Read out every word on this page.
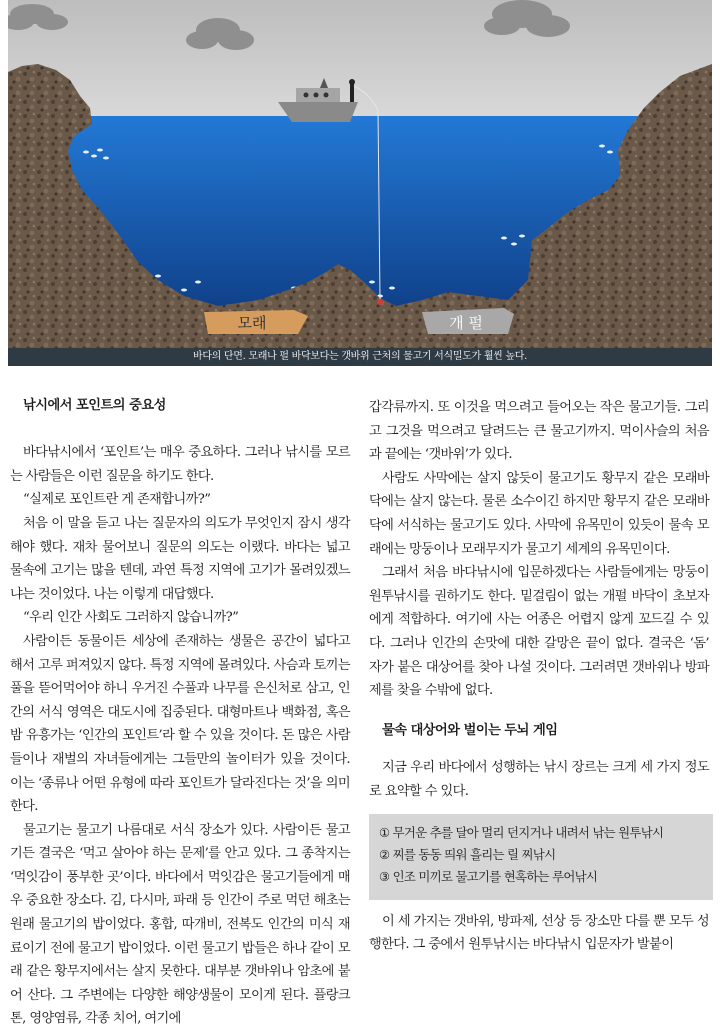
모래	개 펄
바다의 단면. 모래나 펄 바닥보다는 갯바위 근처의 물고기 서식밀도가 훨씬 높다.
낚시에서 포인트의 중요성

바다낚시에서 ‘포인트’는 매우 중요하다. 그러나 낚시를 모르는 사람들은 이런 질문을 하기도 한다.

“실제로 포인트란 게 존재합니까?”

처음 이 말을 듣고 나는 질문자의 의도가 무엇인지 잠시 생각해야 했다. 재차 물어보니 질문의 의도는 이랬다. 바다는 넓고 물속에 고기는 많을 텐데, 과연 특정 지역에 고기가 몰려있겠느냐는 것이었다. 나는 이렇게 대답했다.

“우리 인간 사회도 그러하지 않습니까?”

사람이든 동물이든 세상에 존재하는 생물은 공간이 넓다고 해서 고루 퍼져있지 않다. 특정 지역에 몰려있다. 사슴과 토끼는 풀을 뜯어먹어야 하니 우거진 수풀과 나무를 은신처로 삼고, 인간의 서식 영역은 대도시에 집중된다. 대형마트나 백화점, 혹은 밤 유흥가는 ‘인간의 포인트’라 할 수 있을 것이다. 돈 많은 사람들이나 재벌의 자녀들에게는 그들만의 놀이터가 있을 것이다. 이는 ‘종류나 어떤 유형에 따라 포인트가 달라진다는 것’을 의미한다.

물고기는 물고기 나름대로 서식 장소가 있다. 사람이든 물고기든 결국은 ‘먹고 살아야 하는 문제’를 안고 있다. 그 종착지는 ‘먹잇감이 풍부한 곳’이다. 바다에서 먹잇감은 물고기들에게 매우 중요한 장소다. 김, 다시마, 파래 등 인간이 주로 먹던 해초는 원래 물고기의 밥이었다. 홍합, 따개비, 전복도 인간의 미식 재료이기 전에 물고기 밥이었다. 이런 물고기 밥들은 하나 같이 모래 같은 황무지에서는 살지 못한다. 대부분 갯바위나 암초에 붙어 산다. 그 주변에는 다양한 해양생물이 모이게 된다. 플랑크톤, 영양염류, 각종 치어, 여기에

갑각류까지. 또 이것을 먹으려고 들어오는 작은 물고기들. 그리고 그것을 먹으려고 달려드는 큰 물고기까지. 먹이사슬의 처음과 끝에는 ‘갯바위’가 있다.

사람도 사막에는 살지 않듯이 물고기도 황무지 같은 모래바닥에는 살지 않는다. 물론 소수이긴 하지만 황무지 같은 모래바닥에 서식하는 물고기도 있다. 사막에 유목민이 있듯이 물속 모래에는 망둥이나 모래무지가 물고기 세계의 유목민이다.

그래서 처음 바다낚시에 입문하겠다는 사람들에게는 망둥이 원투낚시를 권하기도 한다. 밑걸림이 없는 개펄 바닥이 초보자에게 적합하다. 여기에 사는 어종은 어렵지 않게 꼬드길 수 있다. 그러나 인간의 손맛에 대한 갈망은 끝이 없다. 결국은 ‘돔’ 자가 붙은 대상어를 찾아 나설 것이다. 그러려면 갯바위나 방파제를 찾을 수밖에 없다.

물속 대상어와 벌이는 두뇌 게임

지금 우리 바다에서 성행하는 낚시 장르는 크게 세 가지 정도로 요약할 수 있다.

① 무거운 추를 달아 멀리 던지거나 내려서 낚는 원투낚시
② 찌를 동동 띄워 흘리는 릴 찌낚시
③ 인조 미끼로 물고기를 현혹하는 루어낚시

이 세 가지는 갯바위, 방파제, 선상 등 장소만 다를 뿐 모두 성행한다. 그 중에서 원투낚시는 바다낚시 입문자가 발붙이
